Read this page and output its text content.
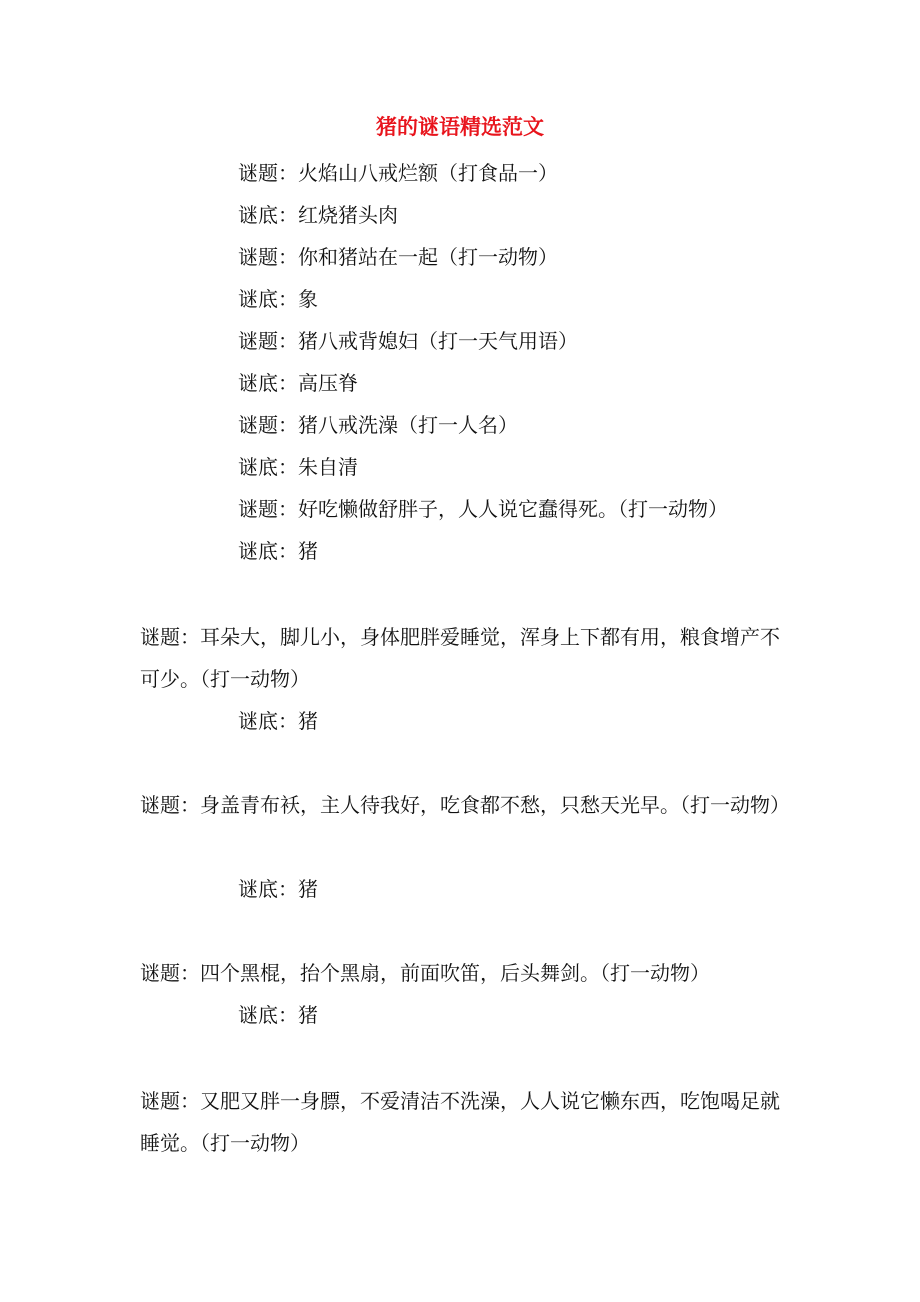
猪的谜语精选范文
谜题：火焰山八戒烂额（打食品一）
谜底：红烧猪头肉
谜题：你和猪站在一起（打一动物）
谜底：象
谜题：猪八戒背媳妇（打一天气用语）
谜底：高压脊
谜题：猪八戒洗澡（打一人名）
谜底：朱自清
谜题：好吃懒做舒胖子，人人说它蠢得死。（打一动物）
谜底：猪
谜题：耳朵大，脚儿小，身体肥胖爱睡觉，浑身上下都有用，粮食增产不可少。（打一动物）
谜底：猪
谜题：身盖青布袄，主人待我好，吃食都不愁，只愁天光早。（打一动物）
谜底：猪
谜题：四个黑棍，抬个黑扇，前面吹笛，后头舞剑。（打一动物）
谜底：猪
谜题：又肥又胖一身膘，不爱清洁不洗澡，人人说它懒东西，吃饱喝足就睡觉。（打一动物）
